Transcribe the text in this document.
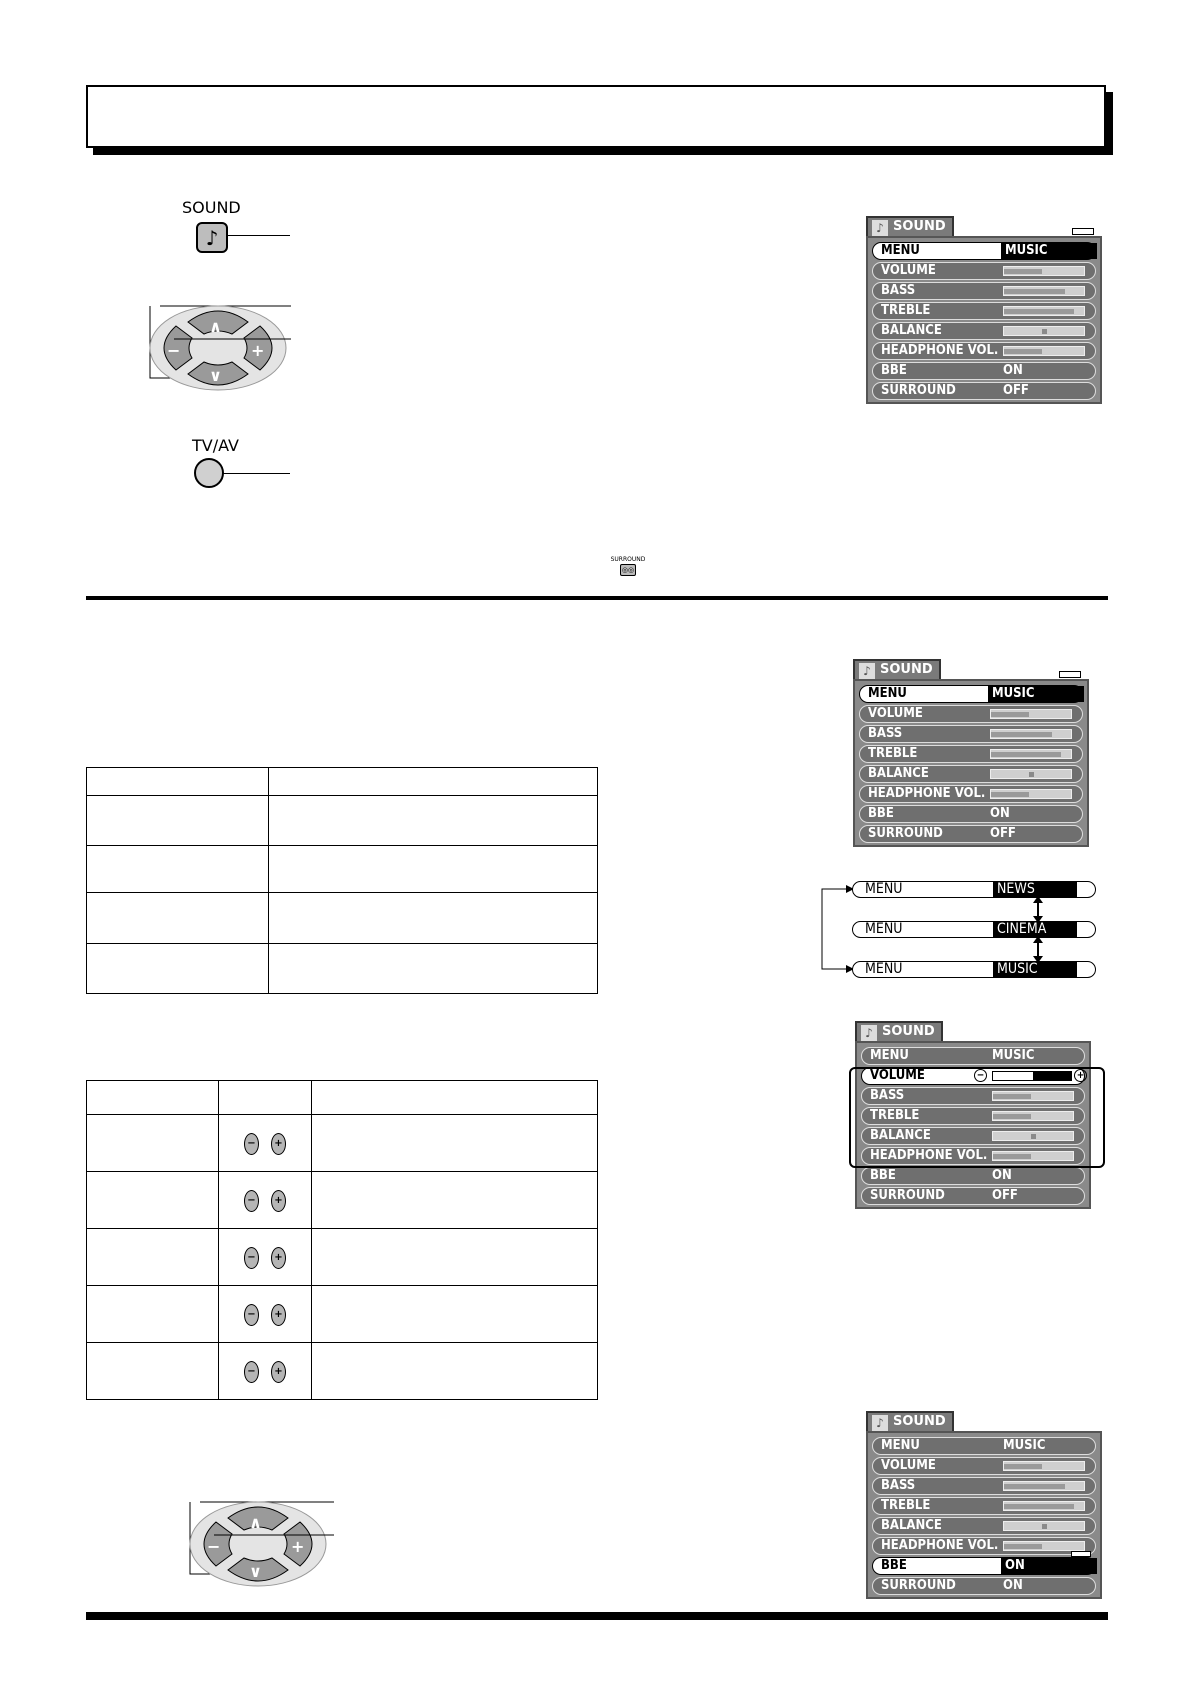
SOUND
♪
∧
∨
−	+
TV/AV
♪ SOUND
MENU	MUSIC
VOLUME
BASS
TREBLE
BALANCE
HEADPHONE VOL.
BBE	ON
SURROUND	OFF
SURROUND
◎◎
♪ SOUND
MENU	MUSIC
VOLUME
BASS
TREBLE
BALANCE
HEADPHONE VOL.
BBE	ON
SURROUND	OFF
MENU	NEWS
MENU	CINEMA
MENU	MUSIC

♪ SOUND
MENU	MUSIC
VOLUME	−	+
BASS
TREBLE
BALANCE
HEADPHONE VOL.
BBE	ON
SURROUND	OFF

	− +	
	− +	
	− +	
	− +	
	− +	
♪ SOUND
MENU	MUSIC
VOLUME
BASS
TREBLE
BALANCE
HEADPHONE VOL.
BBE	ON
SURROUND	ON
∧
∨
−	+
